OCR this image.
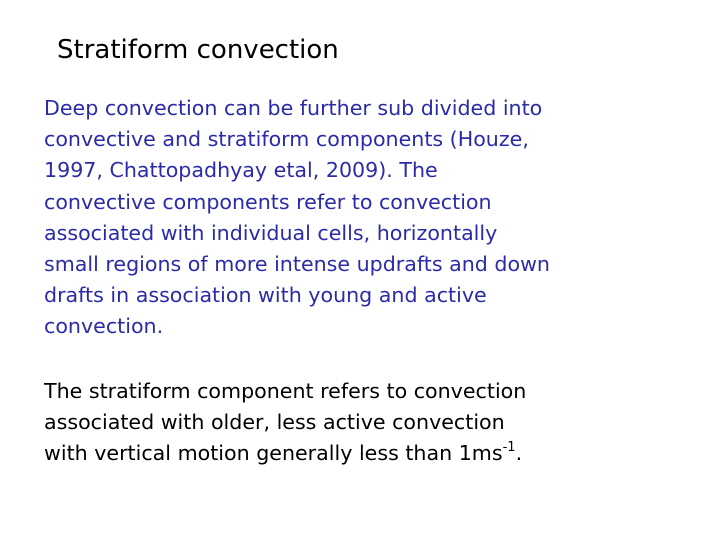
Stratiform convection

Deep convection can be further sub divided into
convective and stratiform components (Houze,
1997, Chattopadhyay etal, 2009). The
convective components refer to convection
associated with individual cells, horizontally
small regions of more intense updrafts and down
drafts in association with young and active
convection.

The stratiform component refers to convection
associated with older, less active convection
with vertical motion generally less than $1ms^{-1}$.
